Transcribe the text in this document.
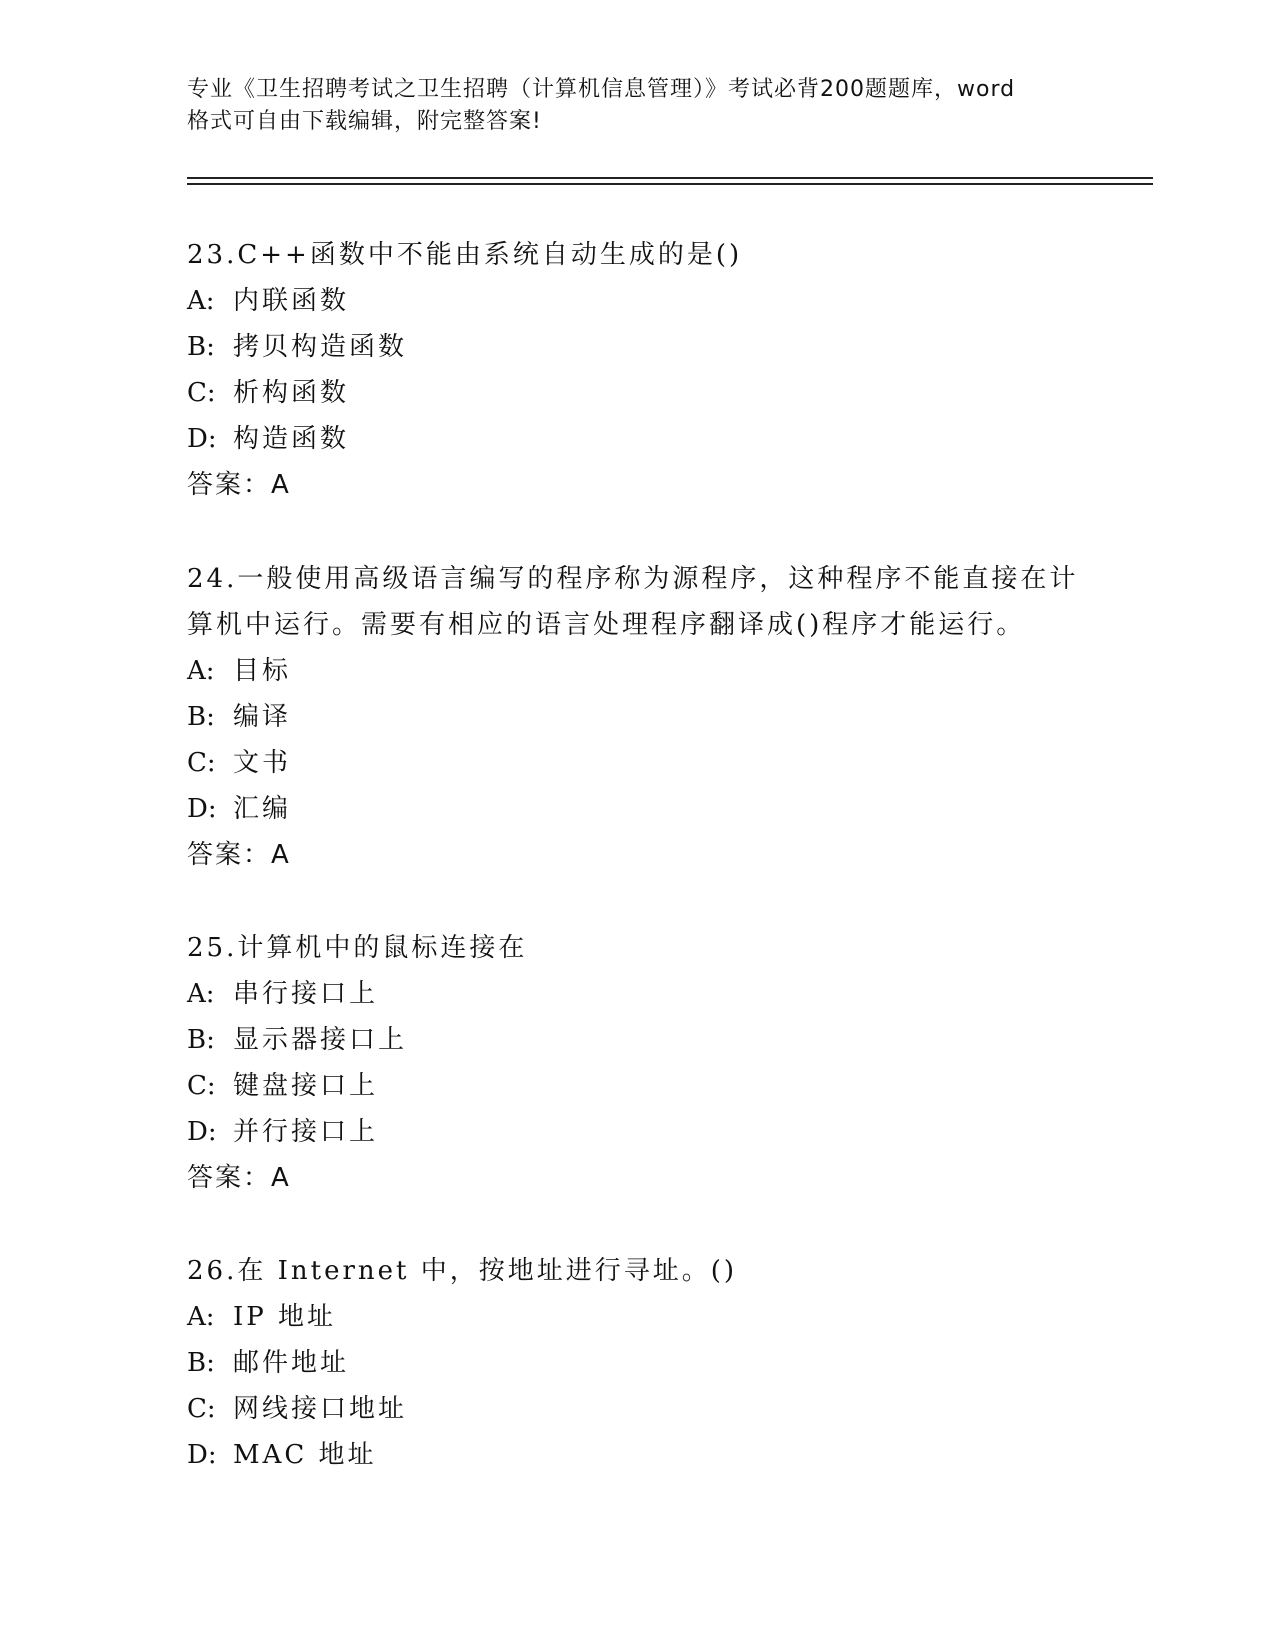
专业《卫生招聘考试之卫生招聘（计算机信息管理）》考试必背200题题库，word
格式可自由下载编辑，附完整答案!
23.C++函数中不能由系统自动生成的是()
A: 内联函数
B: 拷贝构造函数
C: 析构函数
D: 构造函数
答案：A
24.一般使用高级语言编写的程序称为源程序，这种程序不能直接在计
算机中运行。需要有相应的语言处理程序翻译成()程序才能运行。
A: 目标
B: 编译
C: 文书
D: 汇编
答案：A
25.计算机中的鼠标连接在
A: 串行接口上
B: 显示器接口上
C: 键盘接口上
D: 并行接口上
答案：A
26.在 Internet 中，按地址进行寻址。()
A: IP 地址
B: 邮件地址
C: 网线接口地址
D: MAC 地址
